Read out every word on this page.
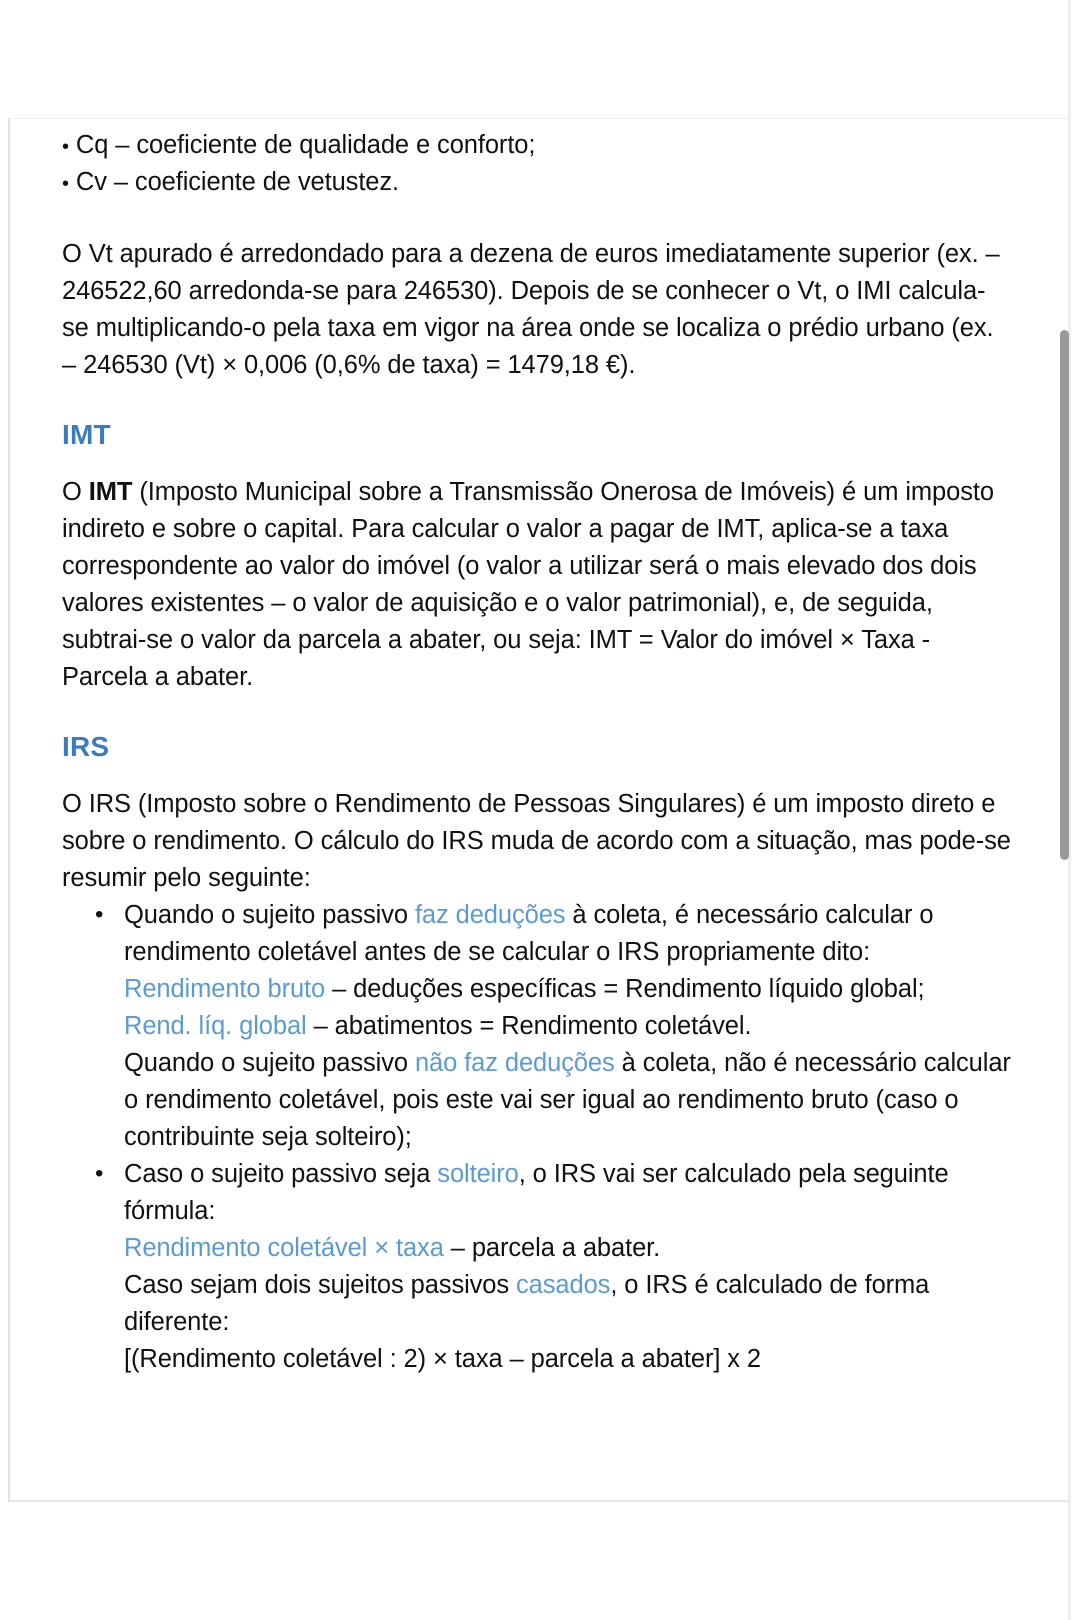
• Cq – coeficiente de qualidade e conforto;

• Cv – coeficiente de vetustez.

O Vt apurado é arredondado para a dezena de euros imediatamente superior (ex. – 246522,60 arredonda-se para 246530). Depois de se conhecer o Vt, o IMI calcula-se multiplicando-o pela taxa em vigor na área onde se localiza o prédio urbano (ex. – 246530 (Vt) × 0,006 (0,6% de taxa) = 1479,18 €).

IMT

O IMT (Imposto Municipal sobre a Transmissão Onerosa de Imóveis) é um imposto indireto e sobre o capital. Para calcular o valor a pagar de IMT, aplica-se a taxa correspondente ao valor do imóvel (o valor a utilizar será o mais elevado dos dois valores existentes – o valor de aquisição e o valor patrimonial), e, de seguida, subtrai-se o valor da parcela a abater, ou seja: IMT = Valor do imóvel × Taxa - Parcela a abater.

IRS

O IRS (Imposto sobre o Rendimento de Pessoas Singulares) é um imposto direto e sobre o rendimento. O cálculo do IRS muda de acordo com a situação, mas pode-se resumir pelo seguinte:

• Quando o sujeito passivo faz deduções à coleta, é necessário calcular o rendimento coletável antes de se calcular o IRS propriamente dito:
Rendimento bruto – deduções específicas = Rendimento líquido global;
Rend. líq. global – abatimentos = Rendimento coletável.
Quando o sujeito passivo não faz deduções à coleta, não é necessário calcular o rendimento coletável, pois este vai ser igual ao rendimento bruto (caso o contribuinte seja solteiro);
• Caso o sujeito passivo seja solteiro, o IRS vai ser calculado pela seguinte fórmula:
Rendimento coletável × taxa – parcela a abater.
Caso sejam dois sujeitos passivos casados, o IRS é calculado de forma diferente:
[(Rendimento coletável : 2) × taxa – parcela a abater] x 2
